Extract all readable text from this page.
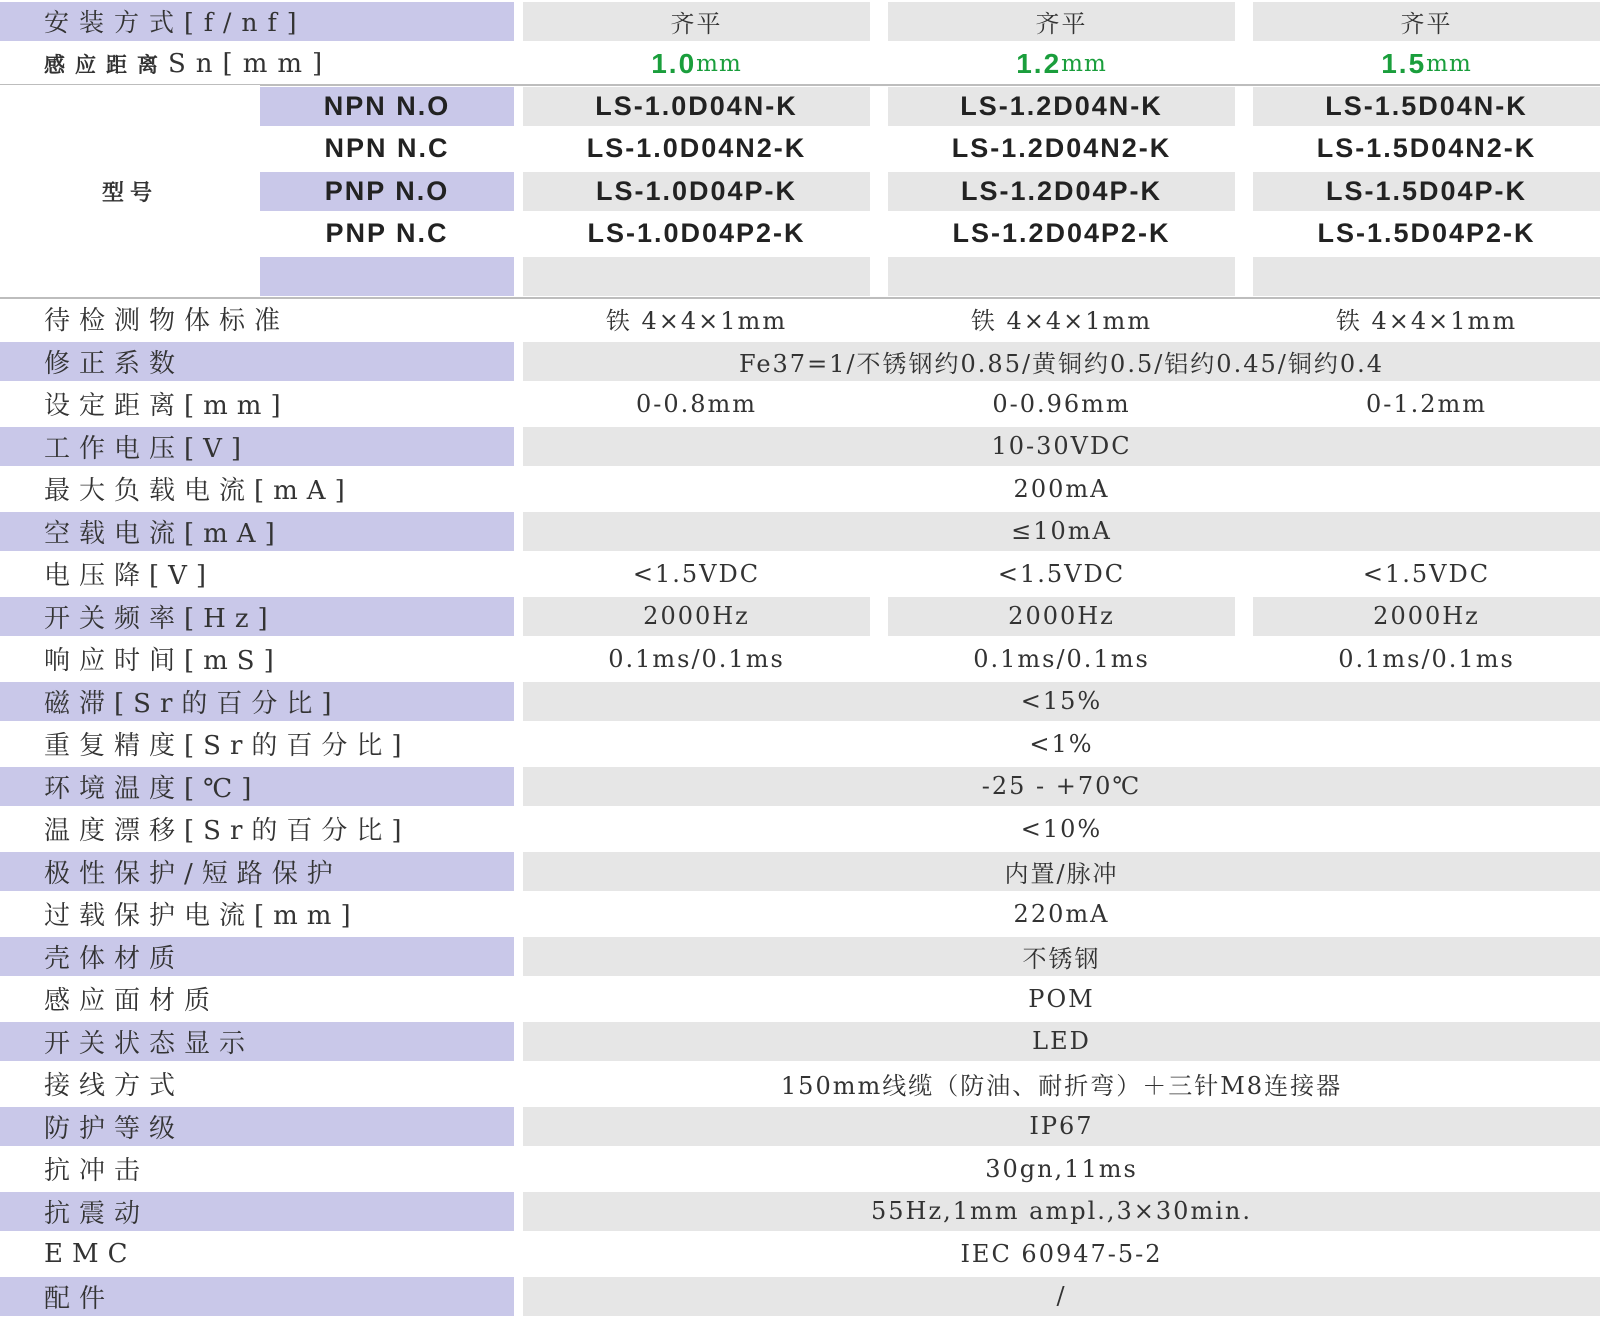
安装方式[f/nf]	齐平	齐平	齐平
感应距离 Sn[mm]	1.0 mm	1.2 mm	1.5 mm
NPN N.O	LS-1.0D04N-K	LS-1.2D04N-K	LS-1.5D04N-K
NPN N.C	LS-1.0D04N2-K	LS-1.2D04N2-K	LS-1.5D04N2-K
PNP N.O	LS-1.0D04P-K	LS-1.2D04P-K	LS-1.5D04P-K
PNP N.C	LS-1.0D04P2-K	LS-1.2D04P2-K	LS-1.5D04P2-K
型号
待检测物体标准	铁 4×4×1mm	铁 4×4×1mm	铁 4×4×1mm
修正系数	Fe37=1/不锈钢约0.85/黄铜约0.5/铝约0.45/铜约0.4
设定距离[mm]	0-0.8mm	0-0.96mm	0-1.2mm
工作电压[V]	10-30VDC
最大负载电流[mA]	200mA
空载电流[mA]	≤10mA
电压降[V]	<1.5VDC	<1.5VDC	<1.5VDC
开关频率[Hz]	2000Hz	2000Hz	2000Hz
响应时间[mS]	0.1ms/0.1ms	0.1ms/0.1ms	0.1ms/0.1ms
磁滞[Sr的百分比]	<15%
重复精度[Sr的百分比]	<1%
环境温度[℃]	-25 - +70℃
温度漂移[Sr的百分比]	<10%
极性保护/短路保护	内置/脉冲
过载保护电流[mm]	220mA
壳体材质	不锈钢
感应面材质	POM
开关状态显示	LED
接线方式	150mm线缆（防油、耐折弯）＋三针M8连接器
防护等级	IP67
抗冲击	30gn,11ms
抗震动	55Hz,1mm ampl.,3×30min.
EMC	IEC 60947-5-2
配件	/
